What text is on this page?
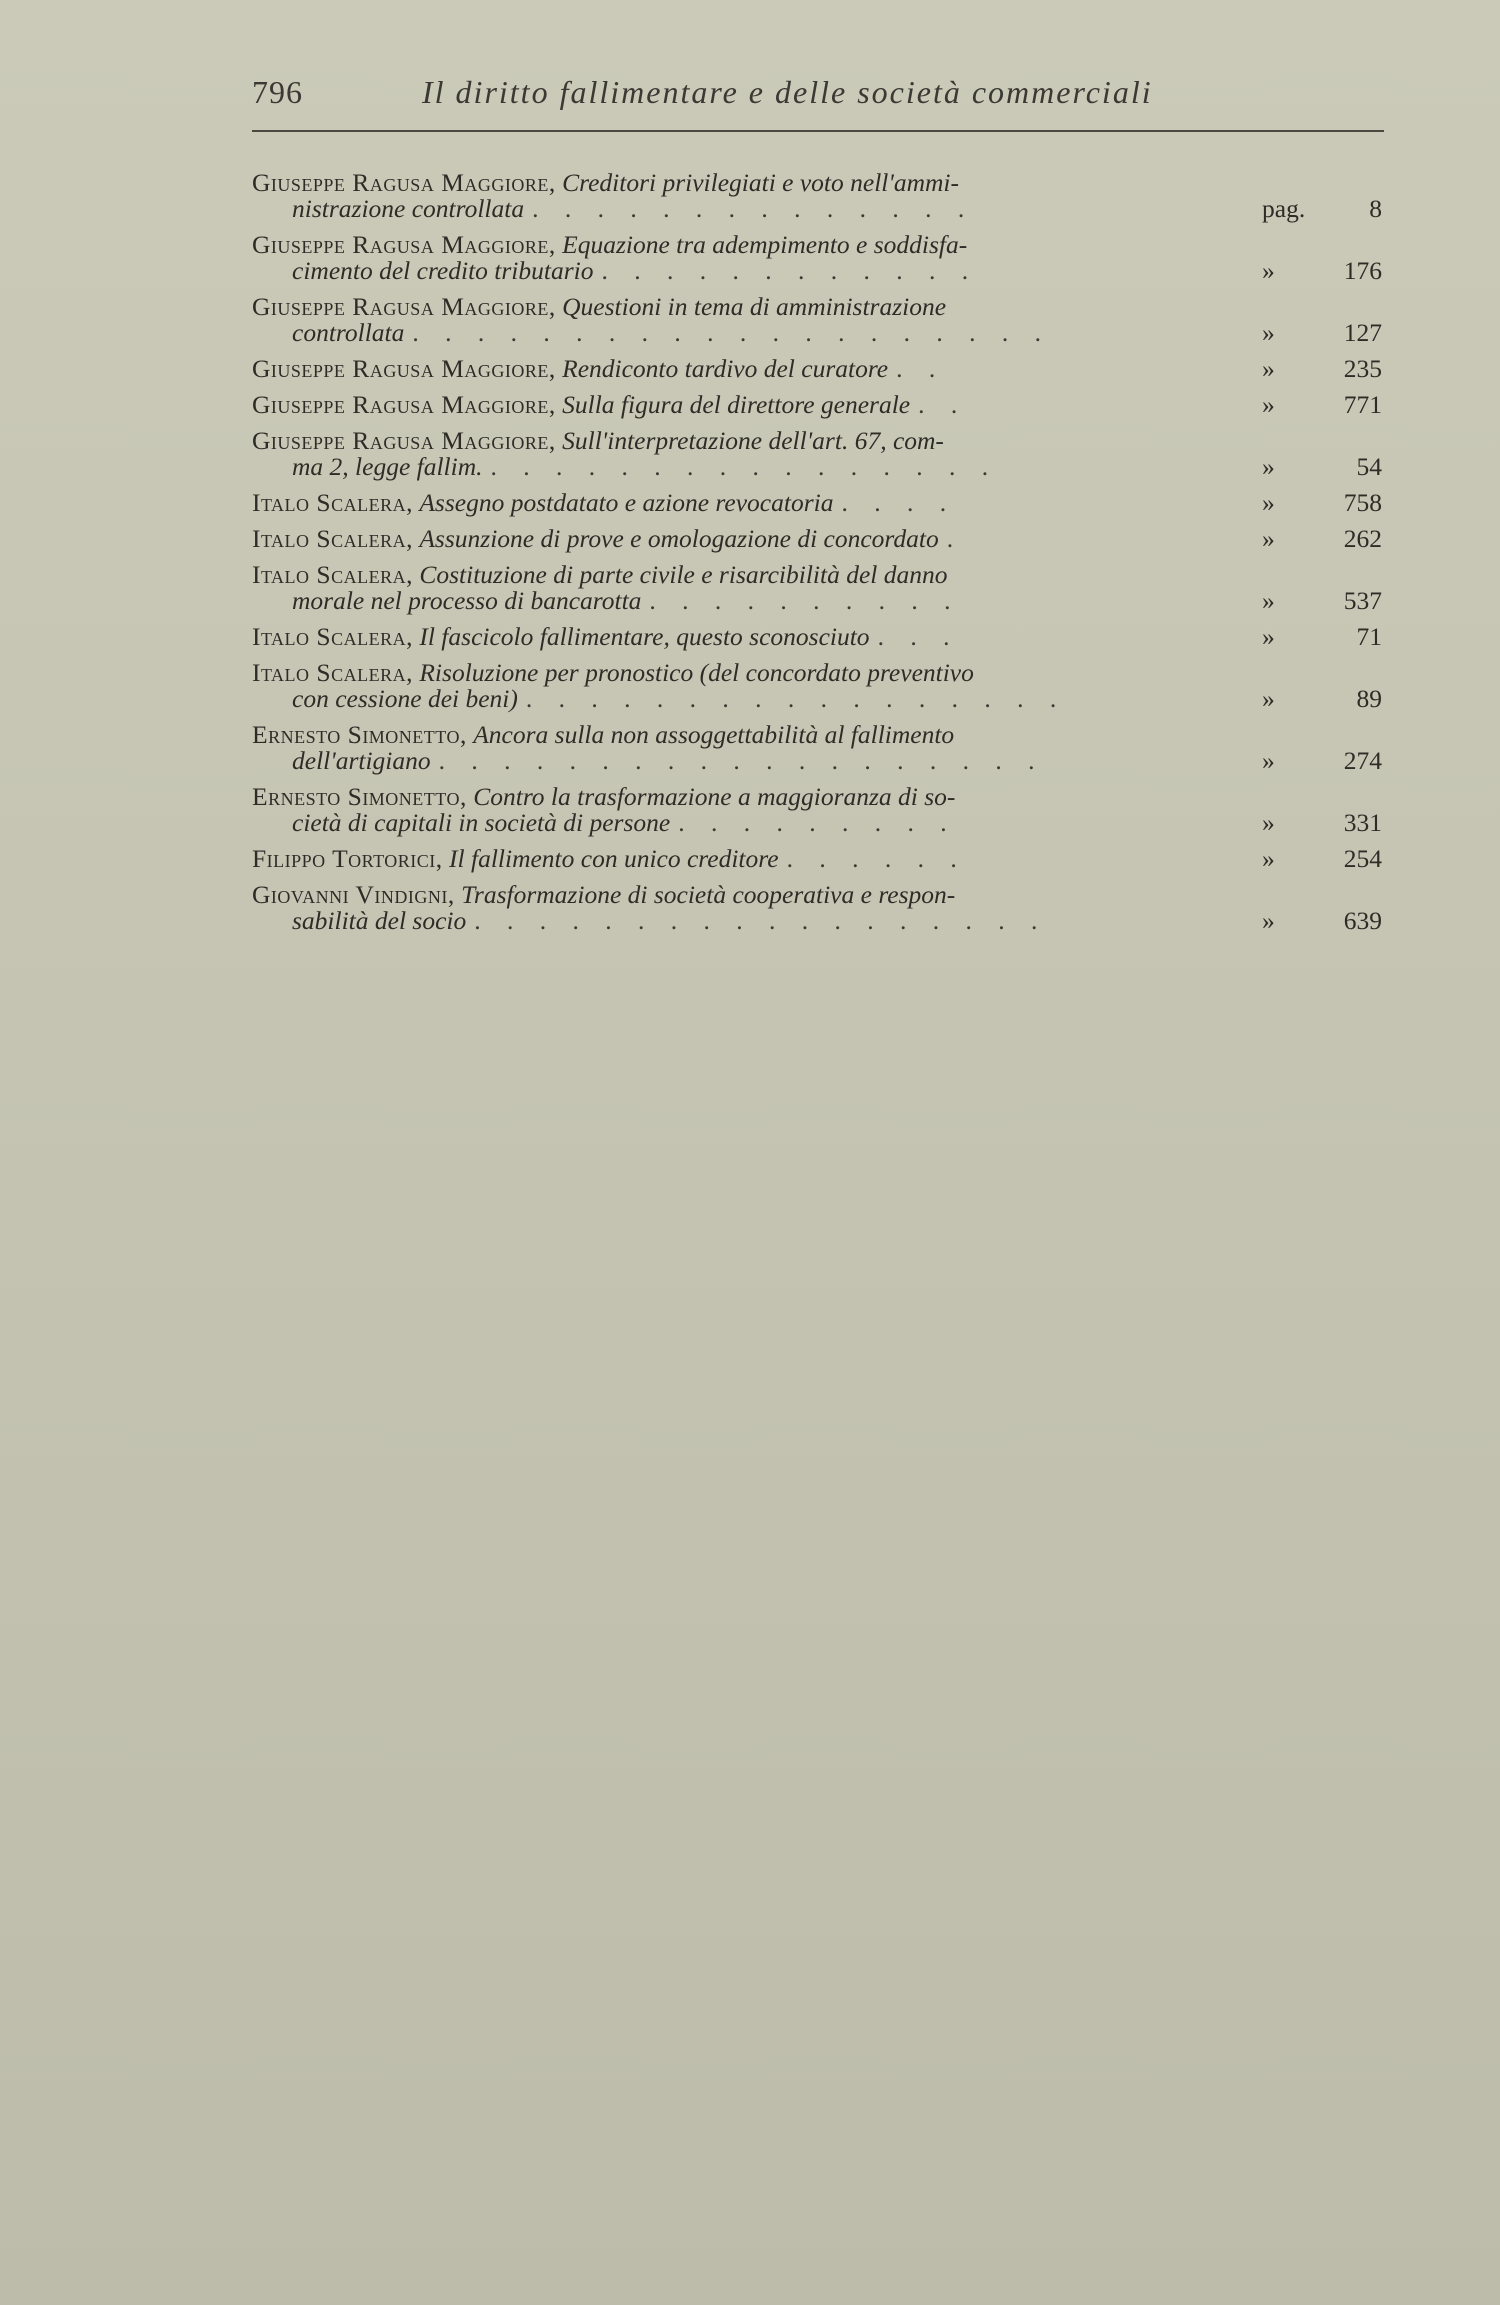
796	Il diritto fallimentare e delle società commerciali
Giuseppe Ragusa Maggiore, Creditori privilegiati e voto nell'ammi-
nistrazione controllata . . . . . . . . . . . . . .	pag.	8
Giuseppe Ragusa Maggiore, Equazione tra adempimento e soddisfa-
cimento del credito tributario . . . . . . . . . . . .	»	176
Giuseppe Ragusa Maggiore, Questioni in tema di amministrazione
controllata . . . . . . . . . . . . . . . . . . . .	»	127
Giuseppe Ragusa Maggiore, Rendiconto tardivo del curatore . .	»	235
Giuseppe Ragusa Maggiore, Sulla figura del direttore generale . .	»	771
Giuseppe Ragusa Maggiore, Sull'interpretazione dell'art. 67, com-
ma 2, legge fallim. . . . . . . . . . . . . . . . .	»	54
Italo Scalera, Assegno postdatato e azione revocatoria . . . .	»	758
Italo Scalera, Assunzione di prove e omologazione di concordato .	»	262
Italo Scalera, Costituzione di parte civile e risarcibilità del danno
morale nel processo di bancarotta . . . . . . . . . .	»	537
Italo Scalera, Il fascicolo fallimentare, questo sconosciuto . . .	»	71
Italo Scalera, Risoluzione per pronostico (del concordato preventivo
con cessione dei beni) . . . . . . . . . . . . . . . . .	»	89
Ernesto Simonetto, Ancora sulla non assoggettabilità al fallimento
dell'artigiano . . . . . . . . . . . . . . . . . . .	»	274
Ernesto Simonetto, Contro la trasformazione a maggioranza di so-
cietà di capitali in società di persone . . . . . . . . .	»	331
Filippo Tortorici, Il fallimento con unico creditore . . . . . .	»	254
Giovanni Vindigni, Trasformazione di società cooperativa e respon-
sabilità del socio . . . . . . . . . . . . . . . . . .	»	639
